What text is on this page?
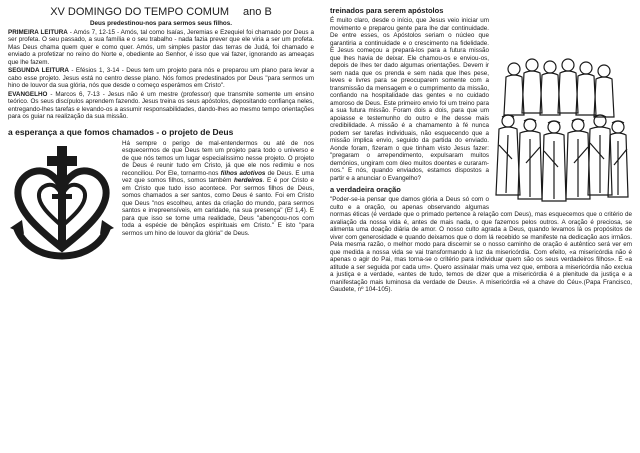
XV DOMINGO DO TEMPO COMUM ano B
Deus predestinou-nos para sermos seus filhos.

PRIMEIRA LEITURA - Amós 7, 12-15 - Amós, tal como Isaías, Jeremias e Ezequiel foi chamado por Deus a ser profeta. O seu passado, a sua família e o seu trabalho - nada fazia prever que ele viria a ser um profeta. Mas Deus chama quem quer e como quer. Amós, um simples pastor das terras de Judá, foi chamado e enviado a profetizar no reino do Norte e, obediente ao Senhor, é isso que vai fazer, ignorando as ameaças que lhe fazem.

SEGUNDA LEITURA - Efésios 1, 3-14 - Deus tem um projeto para nós e preparou um plano para levar a cabo esse projeto. Jesus está no centro desse plano. Nós fomos predestinados por Deus "para sermos um hino de louvor da sua glória, nós que desde o começo esperámos em Cristo".

EVANGELHO - Marcos 6, 7-13 - Jesus não é um mestre (professor) que transmite somente um ensino teórico. Os seus discípulos aprendem fazendo. Jesus treina os seus apóstolos, depositando confiança neles, entregando-lhes tarefas e levando-os a assumir responsabilidades, dando-lhes ao mesmo tempo orientações para os guiar na realização da sua missão.

a esperança a que fomos chamados - o projeto de Deus

Há sempre o perigo de mal-entendermos ou até de nos esquecermos de que Deus tem um projeto para todo o universo e de que nós temos um lugar especialíssimo nesse projeto. O projeto de Deus é reunir tudo em Cristo, já que ele nos redimiu e nos reconciliou. Por Ele, tornarmo-nos filhos adotivos de Deus. E uma vez que somos filhos, somos também herdeiros. E é por Cristo e em Cristo que tudo isso acontece. Por sermos filhos de Deus, somos chamados a ser santos, como Deus é santo. Foi em Cristo que Deus "nos escolheu, antes da criação do mundo, para sermos santos e irrepreensíveis, em caridade, na sua presença" (Ef 1,4). E para que isso se torne uma realidade, Deus "abençoou-nos com toda a espécie de bênçãos espirituais em Cristo." E isto "para sermos um hino de louvor da glória" de Deus.

treinados para serem apóstolos

É muito claro, desde o início, que Jesus veio iniciar um movimento e preparou gente para lhe dar continuidade. De entre esses, os Apóstolos seriam o núcleo que garantiria a continuidade e o crescimento na fidelidade. E Jesus começou a prepará-los para a futura missão que lhes havia de deixar. Ele chamou-os e enviou-os, depois de lhes ter dado algumas orientações. Devem ir sem nada que os prenda e sem nada que lhes pese, leves e livres para se preocuparem somente com a transmissão da mensagem e o cumprimento da missão, confiando na hospitalidade das gentes e no cuidado amoroso de Deus. Este primeiro envio foi um treino para a sua futura missão. Foram dois a dois, para que um apoiasse e testemunho do outro e lhe desse mais credibilidade. A missão é a chamamento à fé nunca podem ser tarefas individuais, não esquecendo que a missão implica envio, seguido da partida do enviado. Aonde foram, fizeram o que tinham visto Jesus fazer: "pregaram o arrependimento, expulsaram muitos demónios, ungiram com óleo muitos doentes e curaram-nos." E nós, quando enviados, estamos dispostos a partir e a anunciar o Evangelho?

a verdadeira oração

"Poder-se-ia pensar que damos glória a Deus só com o culto e a oração, ou apenas observando algumas normas éticas (é verdade que o primado pertence à relação com Deus), mas esquecemos que o critério de avaliação da nossa vida é, antes de mais nada, o que fazemos pelos outros. A oração é preciosa, se alimenta uma doação diária de amor. O nosso culto agrada a Deus, quando levamos lá os propósitos de viver com generosidade e quando deixamos que o dom lá recebido se manifeste na dedicação aos irmãos. Pela mesma razão, o melhor modo para discernir se o nosso caminho de oração é autêntico será ver em que medida a nossa vida se vai transformando à luz da misericórdia. Com efeito, «a misericórdia não é apenas o agir do Pai, mas torna-se o critério para individuar quem são os seus verdadeiros filhos». E «a atitude a ser seguida por cada um». Quero assinalar mais uma vez que, embora a misericórdia não exclua a justiça e a verdade, «antes de tudo, temos de dizer que a misericórdia é a plenitude da justiça e a manifestação mais luminosa da verdade de Deus». A misericórdia «é a chave do Céu».(Papa Francisco, Gaudete, nº 104-105).
